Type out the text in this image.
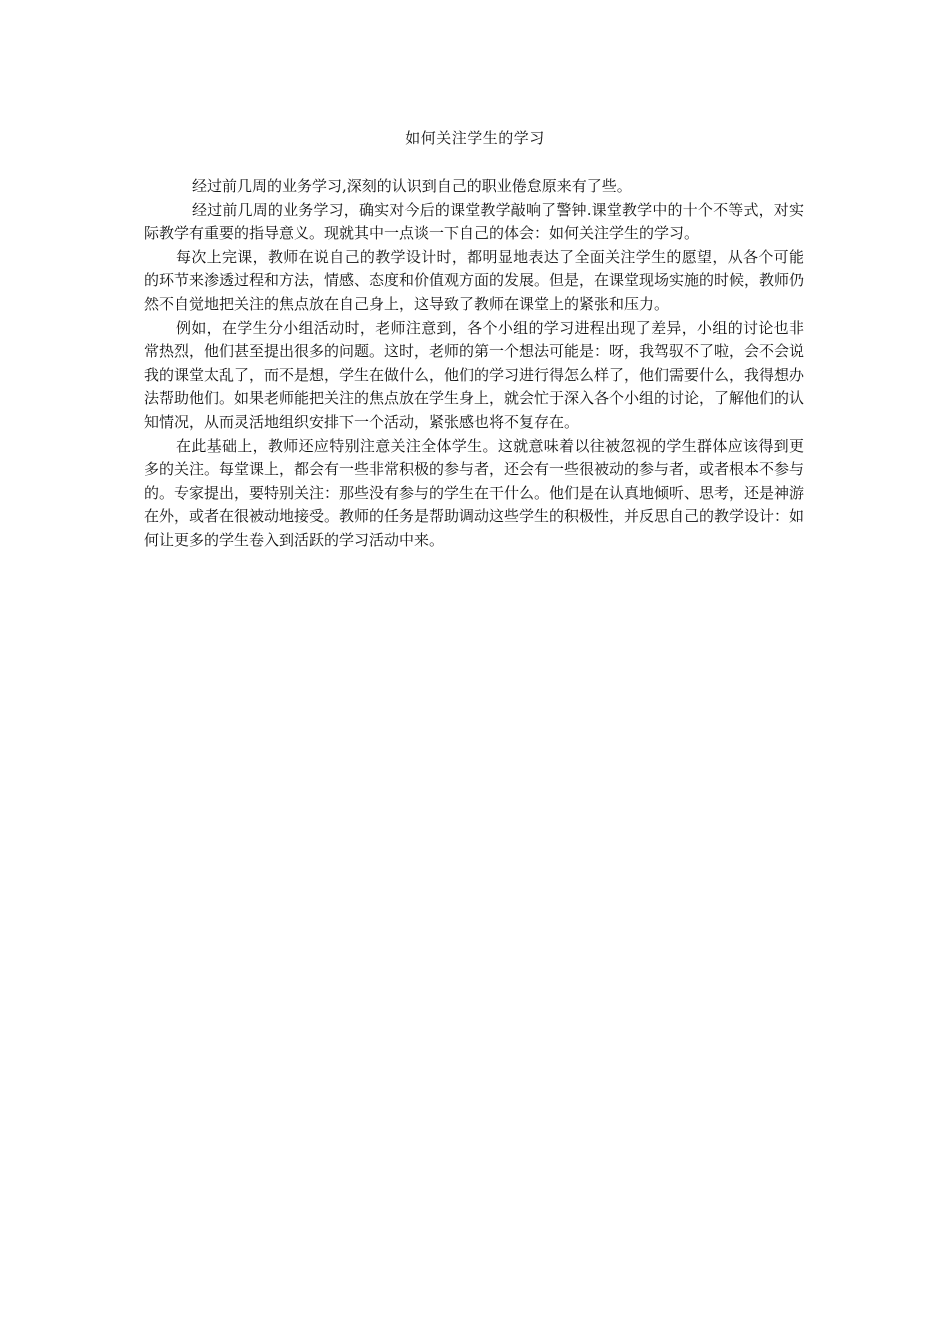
如何关注学生的学习

经过前几周的业务学习,深刻的认识到自己的职业倦怠原来有了些。

经过前几周的业务学习，确实对今后的课堂教学敲响了警钟.课堂教学中的十个不等式，对实际教学有重要的指导意义。现就其中一点谈一下自己的体会：如何关注学生的学习。

每次上完课，教师在说自己的教学设计时，都明显地表达了全面关注学生的愿望，从各个可能的环节来渗透过程和方法，情感、态度和价值观方面的发展。但是，在课堂现场实施的时候，教师仍然不自觉地把关注的焦点放在自己身上，这导致了教师在课堂上的紧张和压力。

例如，在学生分小组活动时，老师注意到，各个小组的学习进程出现了差异，小组的讨论也非常热烈，他们甚至提出很多的问题。这时，老师的第一个想法可能是：呀，我驾驭不了啦，会不会说我的课堂太乱了，而不是想，学生在做什么，他们的学习进行得怎么样了，他们需要什么，我得想办法帮助他们。如果老师能把关注的焦点放在学生身上，就会忙于深入各个小组的讨论，了解他们的认知情况，从而灵活地组织安排下一个活动，紧张感也将不复存在。

在此基础上，教师还应特别注意关注全体学生。这就意味着以往被忽视的学生群体应该得到更多的关注。每堂课上，都会有一些非常积极的参与者，还会有一些很被动的参与者，或者根本不参与的。专家提出，要特别关注：那些没有参与的学生在干什么。他们是在认真地倾听、思考，还是神游在外，或者在很被动地接受。教师的任务是帮助调动这些学生的积极性，并反思自己的教学设计：如何让更多的学生卷入到活跃的学习活动中来。
